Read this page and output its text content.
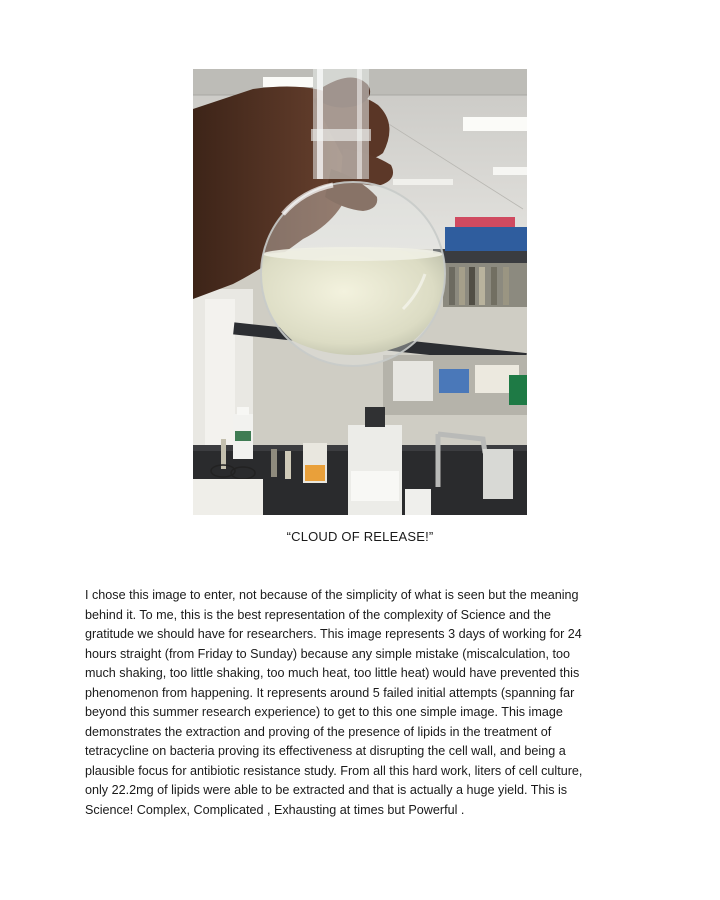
“CLOUD OF RELEASE!”

I chose this image to enter, not because of the simplicity of what is seen but the meaning
behind it. To me, this is the best representation of the complexity of Science and the
gratitude we should have for researchers. This image represents 3 days of working for 24
hours straight (from Friday to Sunday) because any simple mistake (miscalculation, too
much shaking, too little shaking, too much heat, too little heat) would have prevented this
phenomenon from happening. It represents around 5 failed initial attempts (spanning far
beyond this summer research experience) to get to this one simple image. This image
demonstrates the extraction and proving of the presence of lipids in the treatment of
tetracycline on bacteria proving its effectiveness at disrupting the cell wall, and being a
plausible focus for antibiotic resistance study. From all this hard work, liters of cell culture,
only 22.2mg of lipids were able to be extracted and that is actually a huge yield. This is
Science! Complex, Complicated , Exhausting at times but Powerful .
